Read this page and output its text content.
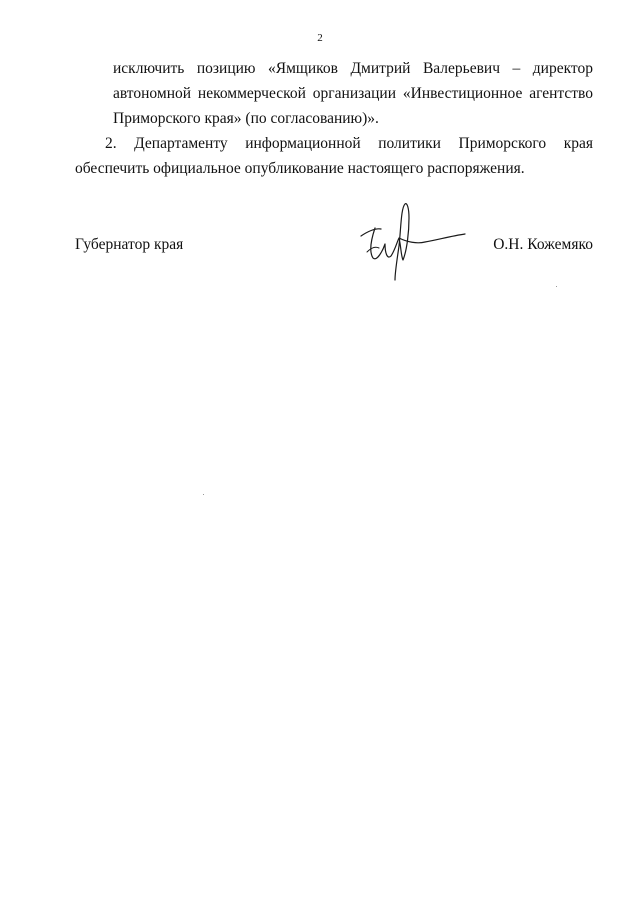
2
исключить позицию «Ямщиков Дмитрий Валерьевич – директор
автономной некоммерческой организации «Инвестиционное агентство
Приморского края» (по согласованию)».
2. Департаменту информационной политики Приморского края обеспечить официальное опубликование настоящего распоряжения.
Губернатор края	О.Н. Кожемяко
